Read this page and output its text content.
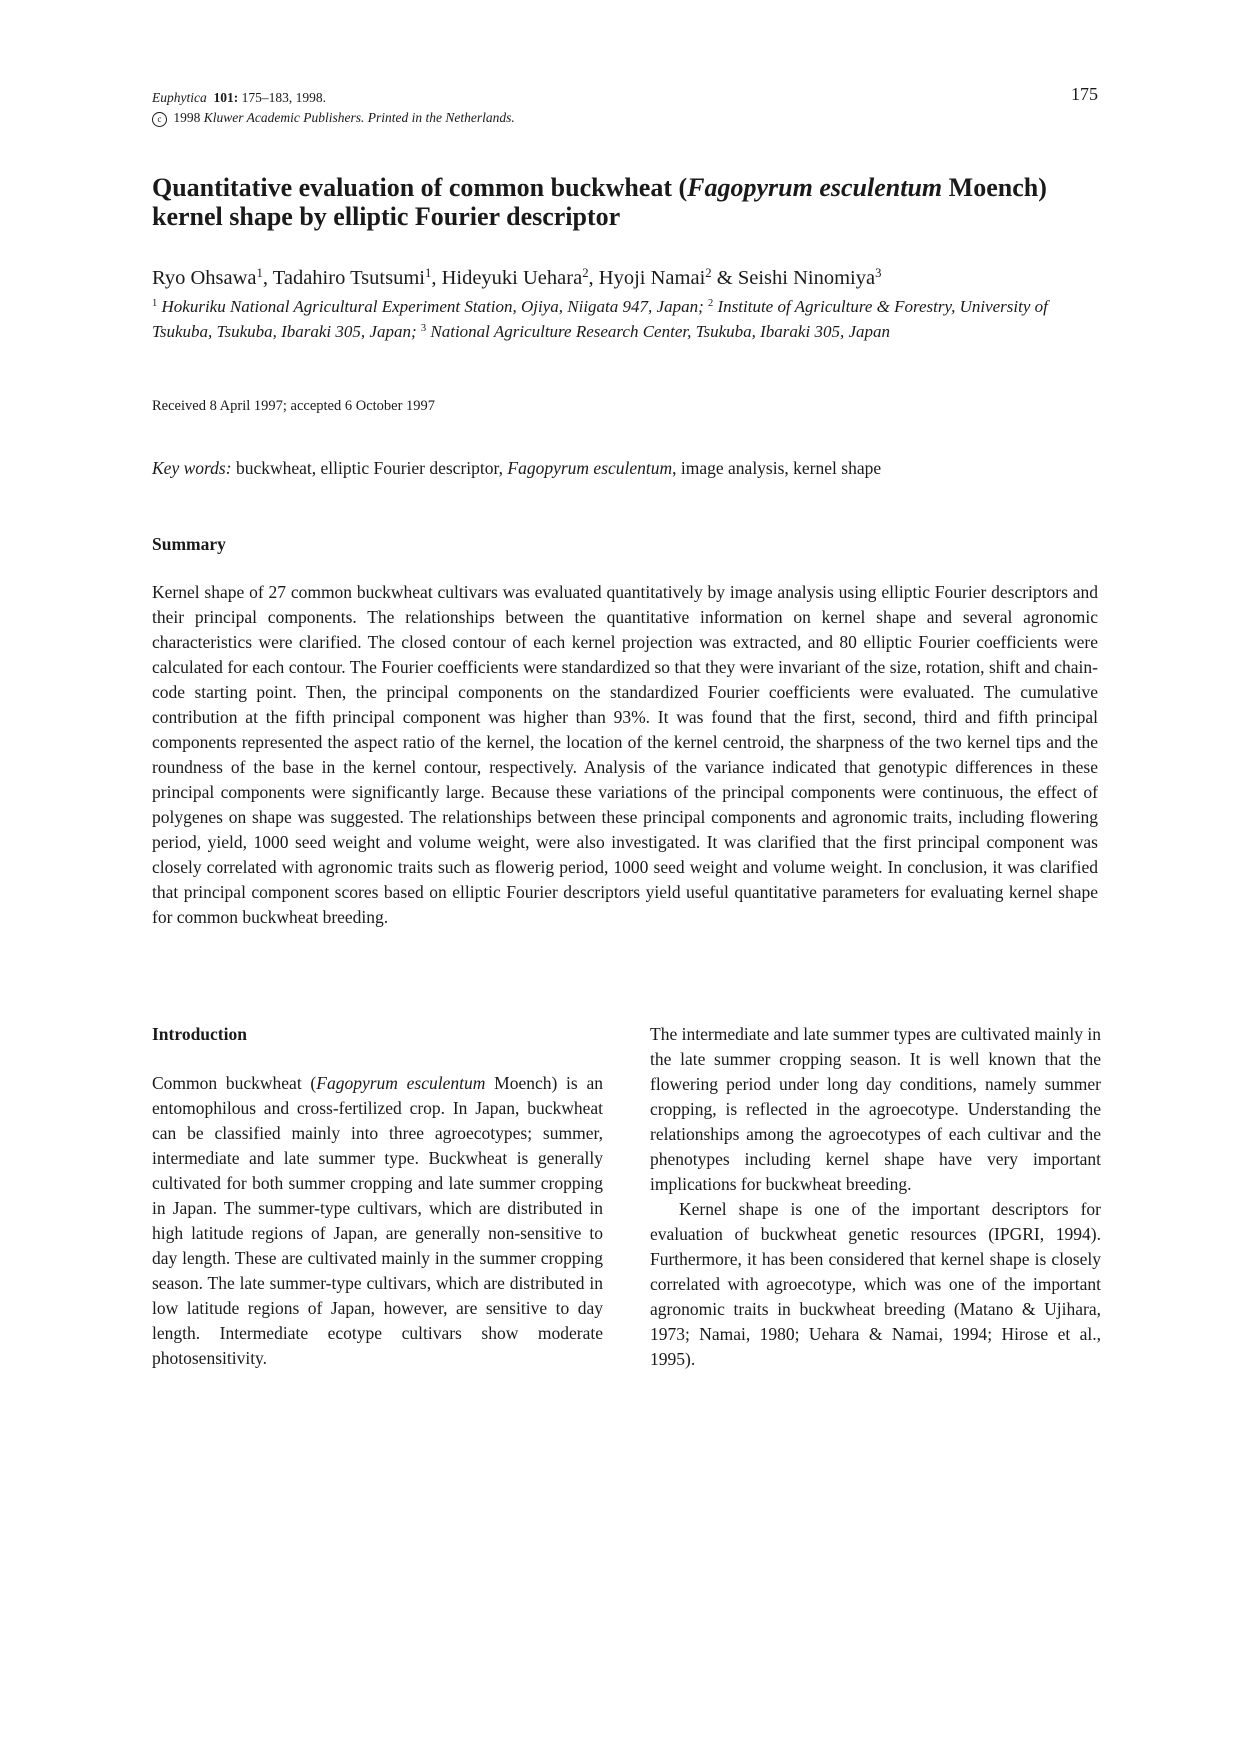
Euphytica 101: 175–183, 1998.
c 1998 Kluwer Academic Publishers. Printed in the Netherlands.
175
Quantitative evaluation of common buckwheat (Fagopyrum esculentum Moench) kernel shape by elliptic Fourier descriptor
Ryo Ohsawa$^1$, Tadahiro Tsutsumi$^1$, Hideyuki Uehara$^2$, Hyoji Namai$^2$ & Seishi Ninomiya$^3$
$^1$ Hokuriku National Agricultural Experiment Station, Ojiya, Niigata 947, Japan; $^2$ Institute of Agriculture & Forestry, University of Tsukuba, Tsukuba, Ibaraki 305, Japan; $^3$ National Agriculture Research Center, Tsukuba, Ibaraki 305, Japan
Received 8 April 1997; accepted 6 October 1997
Key words: buckwheat, elliptic Fourier descriptor, Fagopyrum esculentum, image analysis, kernel shape
Summary
Kernel shape of 27 common buckwheat cultivars was evaluated quantitatively by image analysis using elliptic Fourier descriptors and their principal components. The relationships between the quantitative information on kernel shape and several agronomic characteristics were clarified. The closed contour of each kernel projection was extracted, and 80 elliptic Fourier coefficients were calculated for each contour. The Fourier coefficients were standardized so that they were invariant of the size, rotation, shift and chain-code starting point. Then, the principal components on the standardized Fourier coefficients were evaluated. The cumulative contribution at the fifth principal component was higher than 93%. It was found that the first, second, third and fifth principal components represented the aspect ratio of the kernel, the location of the kernel centroid, the sharpness of the two kernel tips and the roundness of the base in the kernel contour, respectively. Analysis of the variance indicated that genotypic differences in these principal components were significantly large. Because these variations of the principal components were continuous, the effect of polygenes on shape was suggested. The relationships between these principal components and agronomic traits, including flowering period, yield, 1000 seed weight and volume weight, were also investigated. It was clarified that the first principal component was closely correlated with agronomic traits such as flowerig period, 1000 seed weight and volume weight. In conclusion, it was clarified that principal component scores based on elliptic Fourier descriptors yield useful quantitative parameters for evaluating kernel shape for common buckwheat breeding.
Introduction

Common buckwheat (Fagopyrum esculentum Moench) is an entomophilous and cross-fertilized crop. In Japan, buckwheat can be classified mainly into three agroecotypes; summer, intermediate and late summer type. Buckwheat is generally cultivated for both summer cropping and late summer cropping in Japan. The summer-type cultivars, which are distributed in high latitude regions of Japan, are generally non-sensitive to day length. These are cultivated mainly in the summer cropping season. The late summer-type cultivars, which are distributed in low latitude regions of Japan, however, are sensitive to day length. Intermediate ecotype cultivars show moderate photosensitivity.

The intermediate and late summer types are cultivated mainly in the late summer cropping season. It is well known that the flowering period under long day conditions, namely summer cropping, is reflected in the agroecotype. Understanding the relationships among the agroecotypes of each cultivar and the phenotypes including kernel shape have very important implications for buckwheat breeding.

Kernel shape is one of the important descriptors for evaluation of buckwheat genetic resources (IPGRI, 1994). Furthermore, it has been considered that kernel shape is closely correlated with agroecotype, which was one of the important agronomic traits in buckwheat breeding (Matano & Ujihara, 1973; Namai, 1980; Uehara & Namai, 1994; Hirose et al., 1995).
